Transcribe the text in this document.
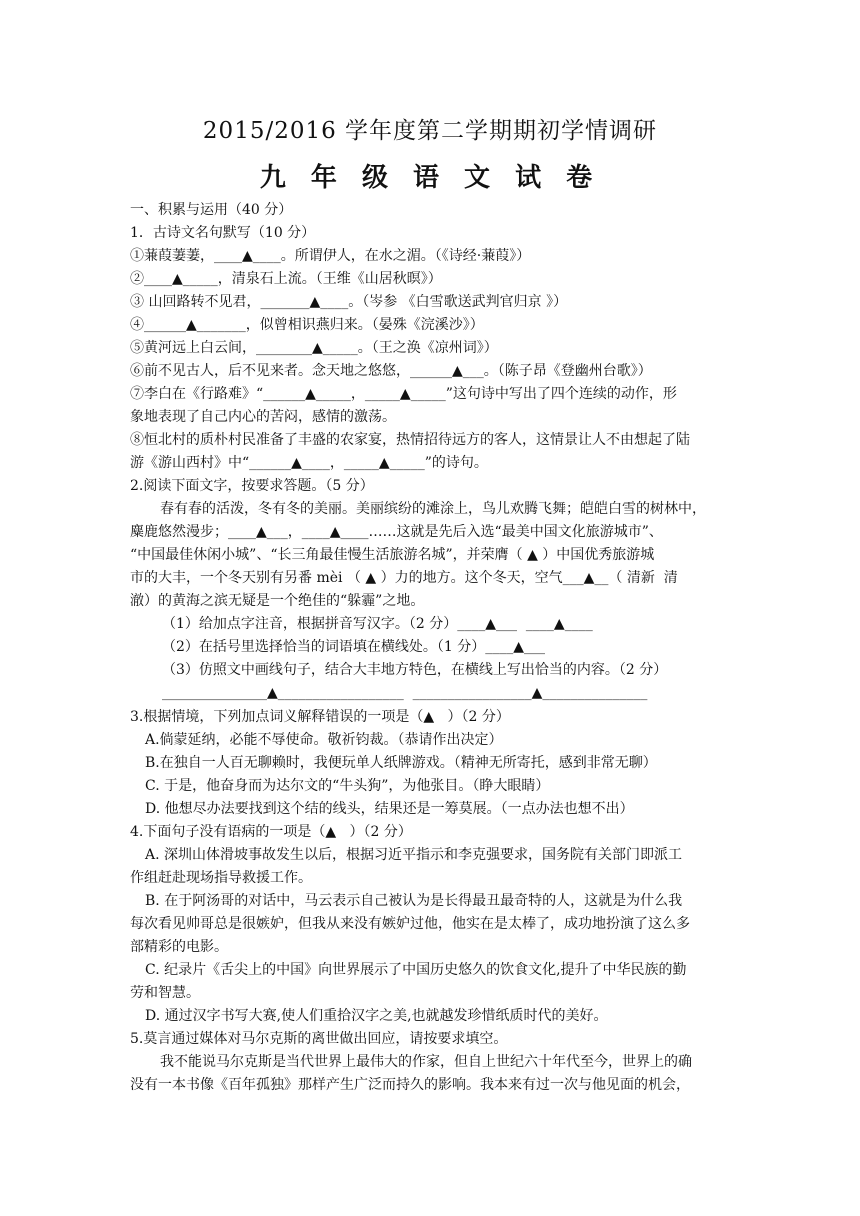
2015/2016 学年度第二学期期初学情调研
九 年 级 语 文 试 卷
一、积累与运用（40 分）
1．古诗文名句默写（10 分）
①蒹葭萋萋，____▲____。所谓伊人，在水之湄。（《诗经·蒹葭》）
②____▲_____，清泉石上流。（王维《山居秋暝》）
③ 山回路转不见君，_______▲____。（岑参 《白雪歌送武判官归京 》）
④______▲_______，似曾相识燕归来。（晏殊《浣溪沙》）
⑤黄河远上白云间，________▲_____。（王之涣《凉州词》）
⑥前不见古人，后不见来者。念天地之悠悠，______▲___。（陈子昂《登幽州台歌》）
⑦李白在《行路难》“______▲_____，_____▲_____”这句诗中写出了四个连续的动作，形
象地表现了自己内心的苦闷，感情的激荡。
⑧恒北村的质朴村民准备了丰盛的农家宴，热情招待远方的客人，这情景让人不由想起了陆
游《游山西村》中“______▲____，_____▲_____”的诗句。
2.阅读下面文字，按要求答题。（5 分）
春有春的活泼，冬有冬的美丽。美丽缤纷的滩涂上，鸟儿欢腾飞舞；皑皑白雪的树林中，
麋鹿悠然漫步；____▲___，____▲____……这就是先后入选“最美中国文化旅游城市”、
“中国最佳休闲小城”、“长三角最佳慢生活旅游名城”，并荣膺（ ▲ ）中国优秀旅游城
市的大丰，一个冬天别有另番 mèi （ ▲ ）力的地方。这个冬天，空气___▲__（ 清新  清
澈）的黄海之滨无疑是一个绝佳的“躲霾”之地。
（1）给加点字注音，根据拼音写汉字。（2 分）____▲___  ____▲____
（2）在括号里选择恰当的词语填在横线处。（1 分）____▲___
（3）仿照文中画线句子，结合大丰地方特色，在横线上写出恰当的内容。（2 分）
_______________▲__________________  _________________▲_______________
3.根据情境，下列加点词义解释错误的一项是（▲   ）（2 分）
A.倘蒙延纳，必能不辱使命。敬祈钧裁。（恭请作出决定）
B.在独自一人百无聊赖时，我便玩单人纸牌游戏。（精神无所寄托，感到非常无聊）
C. 于是，他奋身而为达尔文的“牛头狗”，为他张目。（睁大眼睛）
D. 他想尽办法要找到这个结的线头，结果还是一筹莫展。（一点办法也想不出）
4.下面句子没有语病的一项是（▲   ）（2 分）
A. 深圳山体滑坡事故发生以后，根据习近平指示和李克强要求，国务院有关部门即派工
作组赶赴现场指导救援工作。
B. 在于阿汤哥的对话中，马云表示自己被认为是长得最丑最奇特的人，这就是为什么我
每次看见帅哥总是很嫉妒，但我从来没有嫉妒过他，他实在是太棒了，成功地扮演了这么多
部精彩的电影。
C. 纪录片《舌尖上的中国》向世界展示了中国历史悠久的饮食文化,提升了中华民族的勤
劳和智慧。
D. 通过汉字书写大赛,使人们重拾汉字之美,也就越发珍惜纸质时代的美好。
5.莫言通过媒体对马尔克斯的离世做出回应，请按要求填空。
我不能说马尔克斯是当代世界上最伟大的作家，但自上世纪六十年代至今，世界上的确
没有一本书像《百年孤独》那样产生广泛而持久的影响。我本来有过一次与他见面的机会，
